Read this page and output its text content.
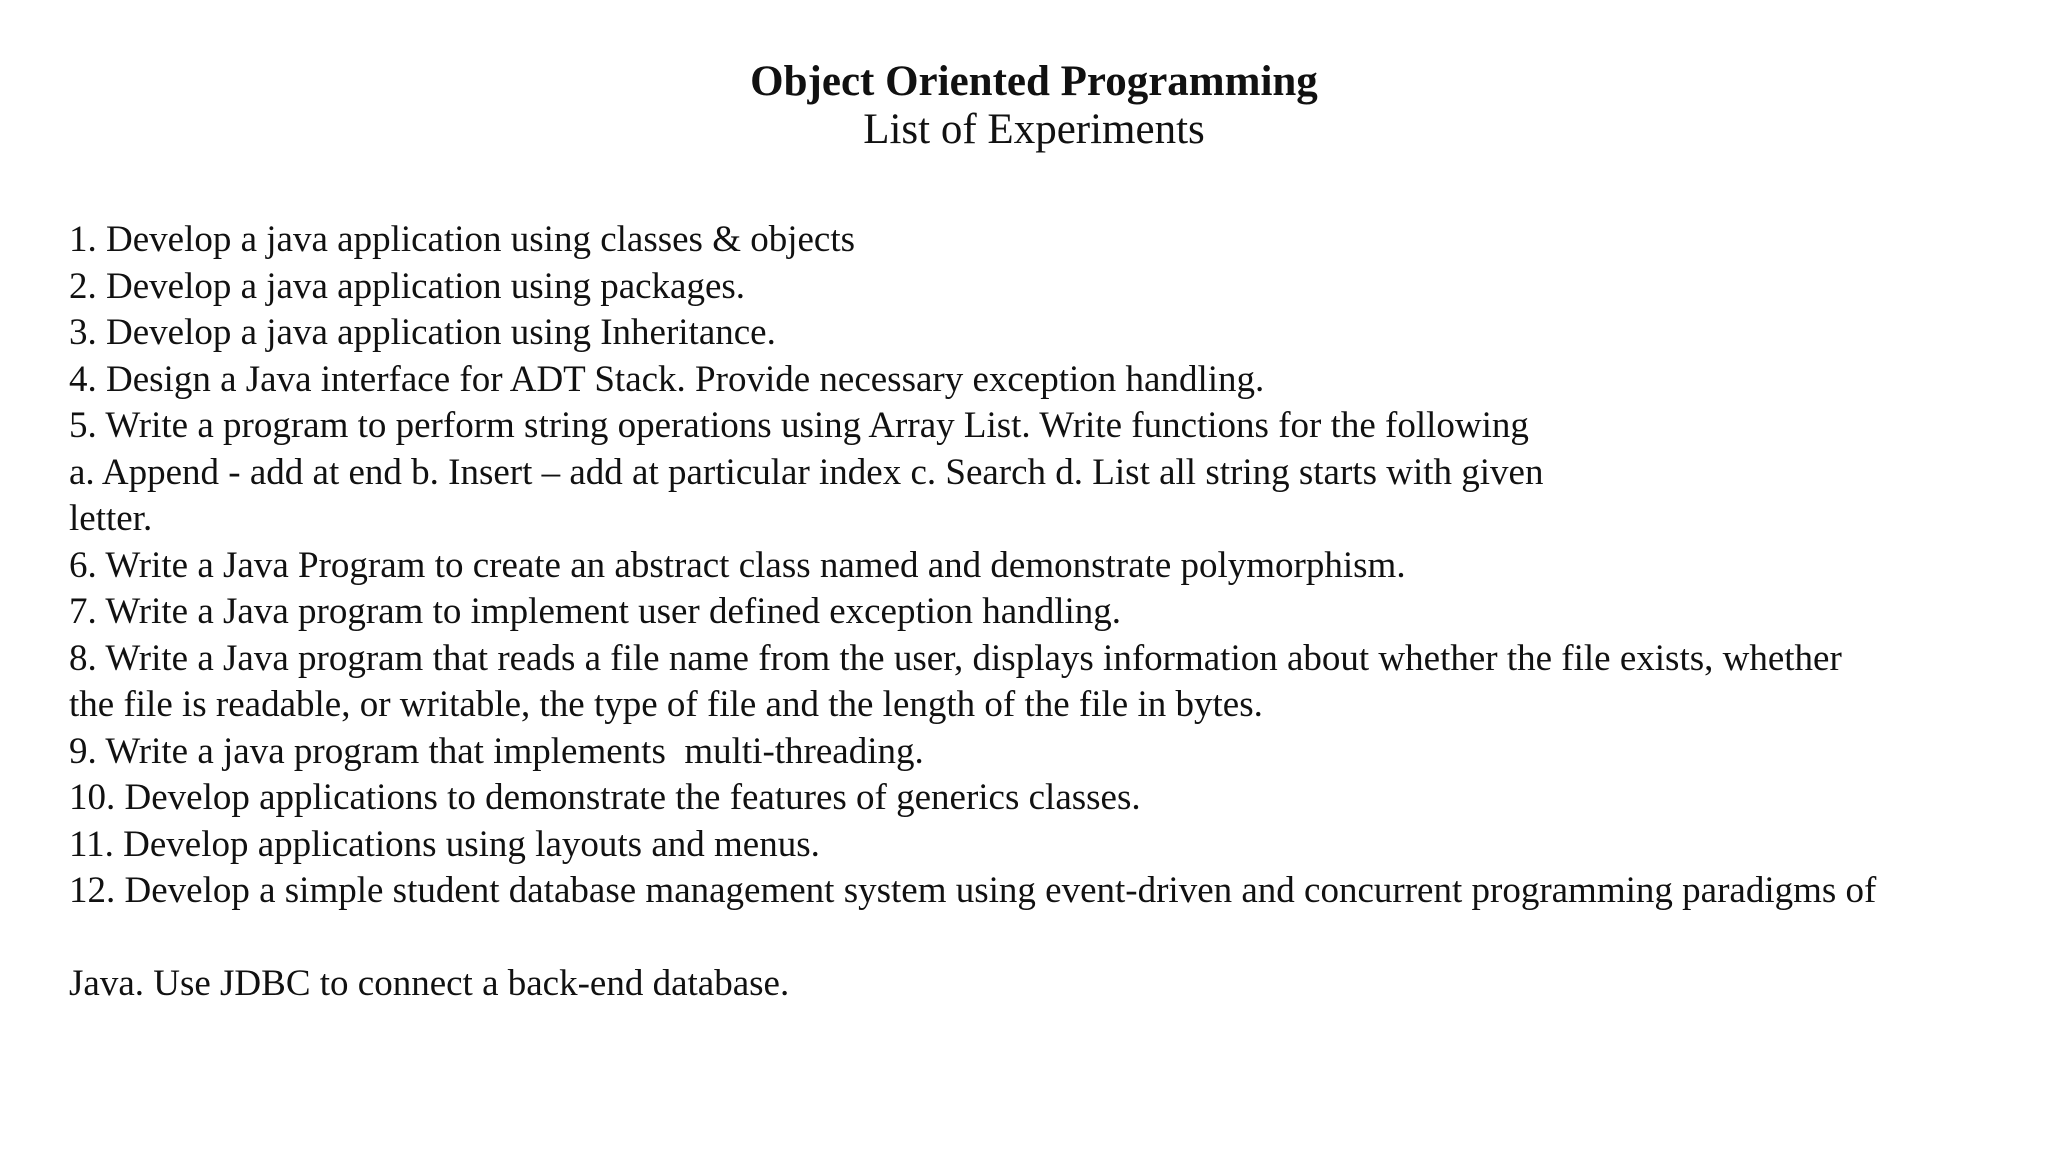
Object Oriented Programming

List of Experiments

1. Develop a java application using classes & objects
2. Develop a java application using packages.
3. Develop a java application using Inheritance.
4. Design a Java interface for ADT Stack. Provide necessary exception handling.
5. Write a program to perform string operations using Array List. Write functions for the following
a. Append - add at end b. Insert – add at particular index c. Search d. List all string starts with given
letter.
6. Write a Java Program to create an abstract class named and demonstrate polymorphism.
7. Write a Java program to implement user defined exception handling.
8. Write a Java program that reads a file name from the user, displays information about whether the file exists, whether
the file is readable, or writable, the type of file and the length of the file in bytes.
9. Write a java program that implements  multi-threading.
10. Develop applications to demonstrate the features of generics classes.
11. Develop applications using layouts and menus.
12. Develop a simple student database management system using event-driven and concurrent programming paradigms of
Java. Use JDBC to connect a back-end database.
